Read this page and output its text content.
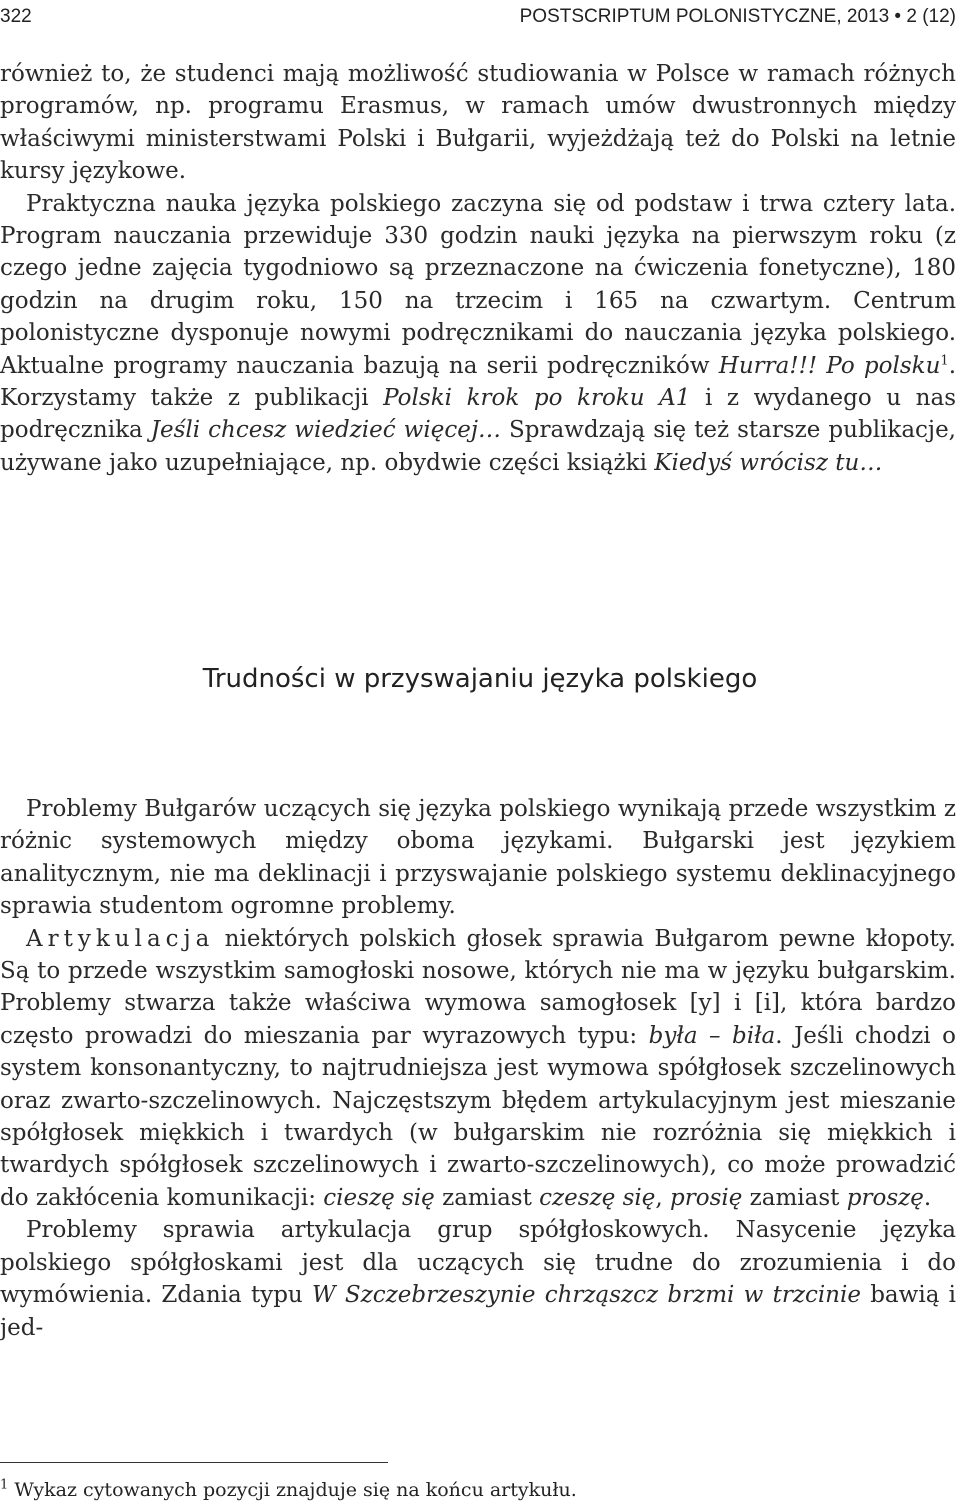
322	POSTSCRIPTUM POLONISTYCZNE, 2013 • 2 (12)

również to, że studenci mają możliwość studiowania w Polsce w ramach różnych programów, np. programu Erasmus, w ramach umów dwustronnych między właściwymi ministerstwami Polski i Bułgarii, wyjeżdżają też do Polski na letnie kursy językowe.

Praktyczna nauka języka polskiego zaczyna się od podstaw i trwa cztery lata. Program nauczania przewiduje 330 godzin nauki języka na pierwszym roku (z czego jedne zajęcia tygodniowo są przeznaczone na ćwiczenia fonetyczne), 180 godzin na drugim roku, 150 na trzecim i 165 na czwartym. Centrum polonistyczne dysponuje nowymi podręcznikami do nauczania języka polskiego. Aktualne programy nauczania bazują na serii podręczników Hurra!!! Po polsku$^1$. Korzystamy także z publikacji Polski krok po kroku A1 i z wydanego u nas podręcznika Jeśli chcesz wiedzieć więcej… Sprawdzają się też starsze publikacje, używane jako uzupełniające, np. obydwie części książki Kiedyś wrócisz tu…

Trudności w przyswajaniu języka polskiego

Problemy Bułgarów uczących się języka polskiego wynikają przede wszystkim z różnic systemowych między oboma językami. Bułgarski jest językiem analitycznym, nie ma deklinacji i przyswajanie polskiego systemu deklinacyjnego sprawia studentom ogromne problemy.

Artykulacja niektórych polskich głosek sprawia Bułgarom pewne kłopoty. Są to przede wszystkim samogłoski nosowe, których nie ma w języku bułgarskim. Problemy stwarza także właściwa wymowa samogłosek [y] i [i], która bardzo często prowadzi do mieszania par wyrazowych typu: była – biła. Jeśli chodzi o system konsonantyczny, to najtrudniejsza jest wymowa spółgłosek szczelinowych oraz zwarto-szczelinowych. Najczęstszym błędem artykulacyjnym jest mieszanie spółgłosek miękkich i twardych (w bułgarskim nie rozróżnia się miękkich i twardych spółgłosek szczelinowych i zwarto-szczelinowych), co może prowadzić do zakłócenia komunikacji: cieszę się zamiast czeszę się, prosię zamiast proszę.

Problemy sprawia artykulacja grup spółgłoskowych. Nasycenie języka polskiego spółgłoskami jest dla uczących się trudne do zrozumienia i do wymówienia. Zdania typu W Szczebrzeszynie chrząszcz brzmi w trzcinie bawią i jed-

$^1$ Wykaz cytowanych pozycji znajduje się na końcu artykułu.
